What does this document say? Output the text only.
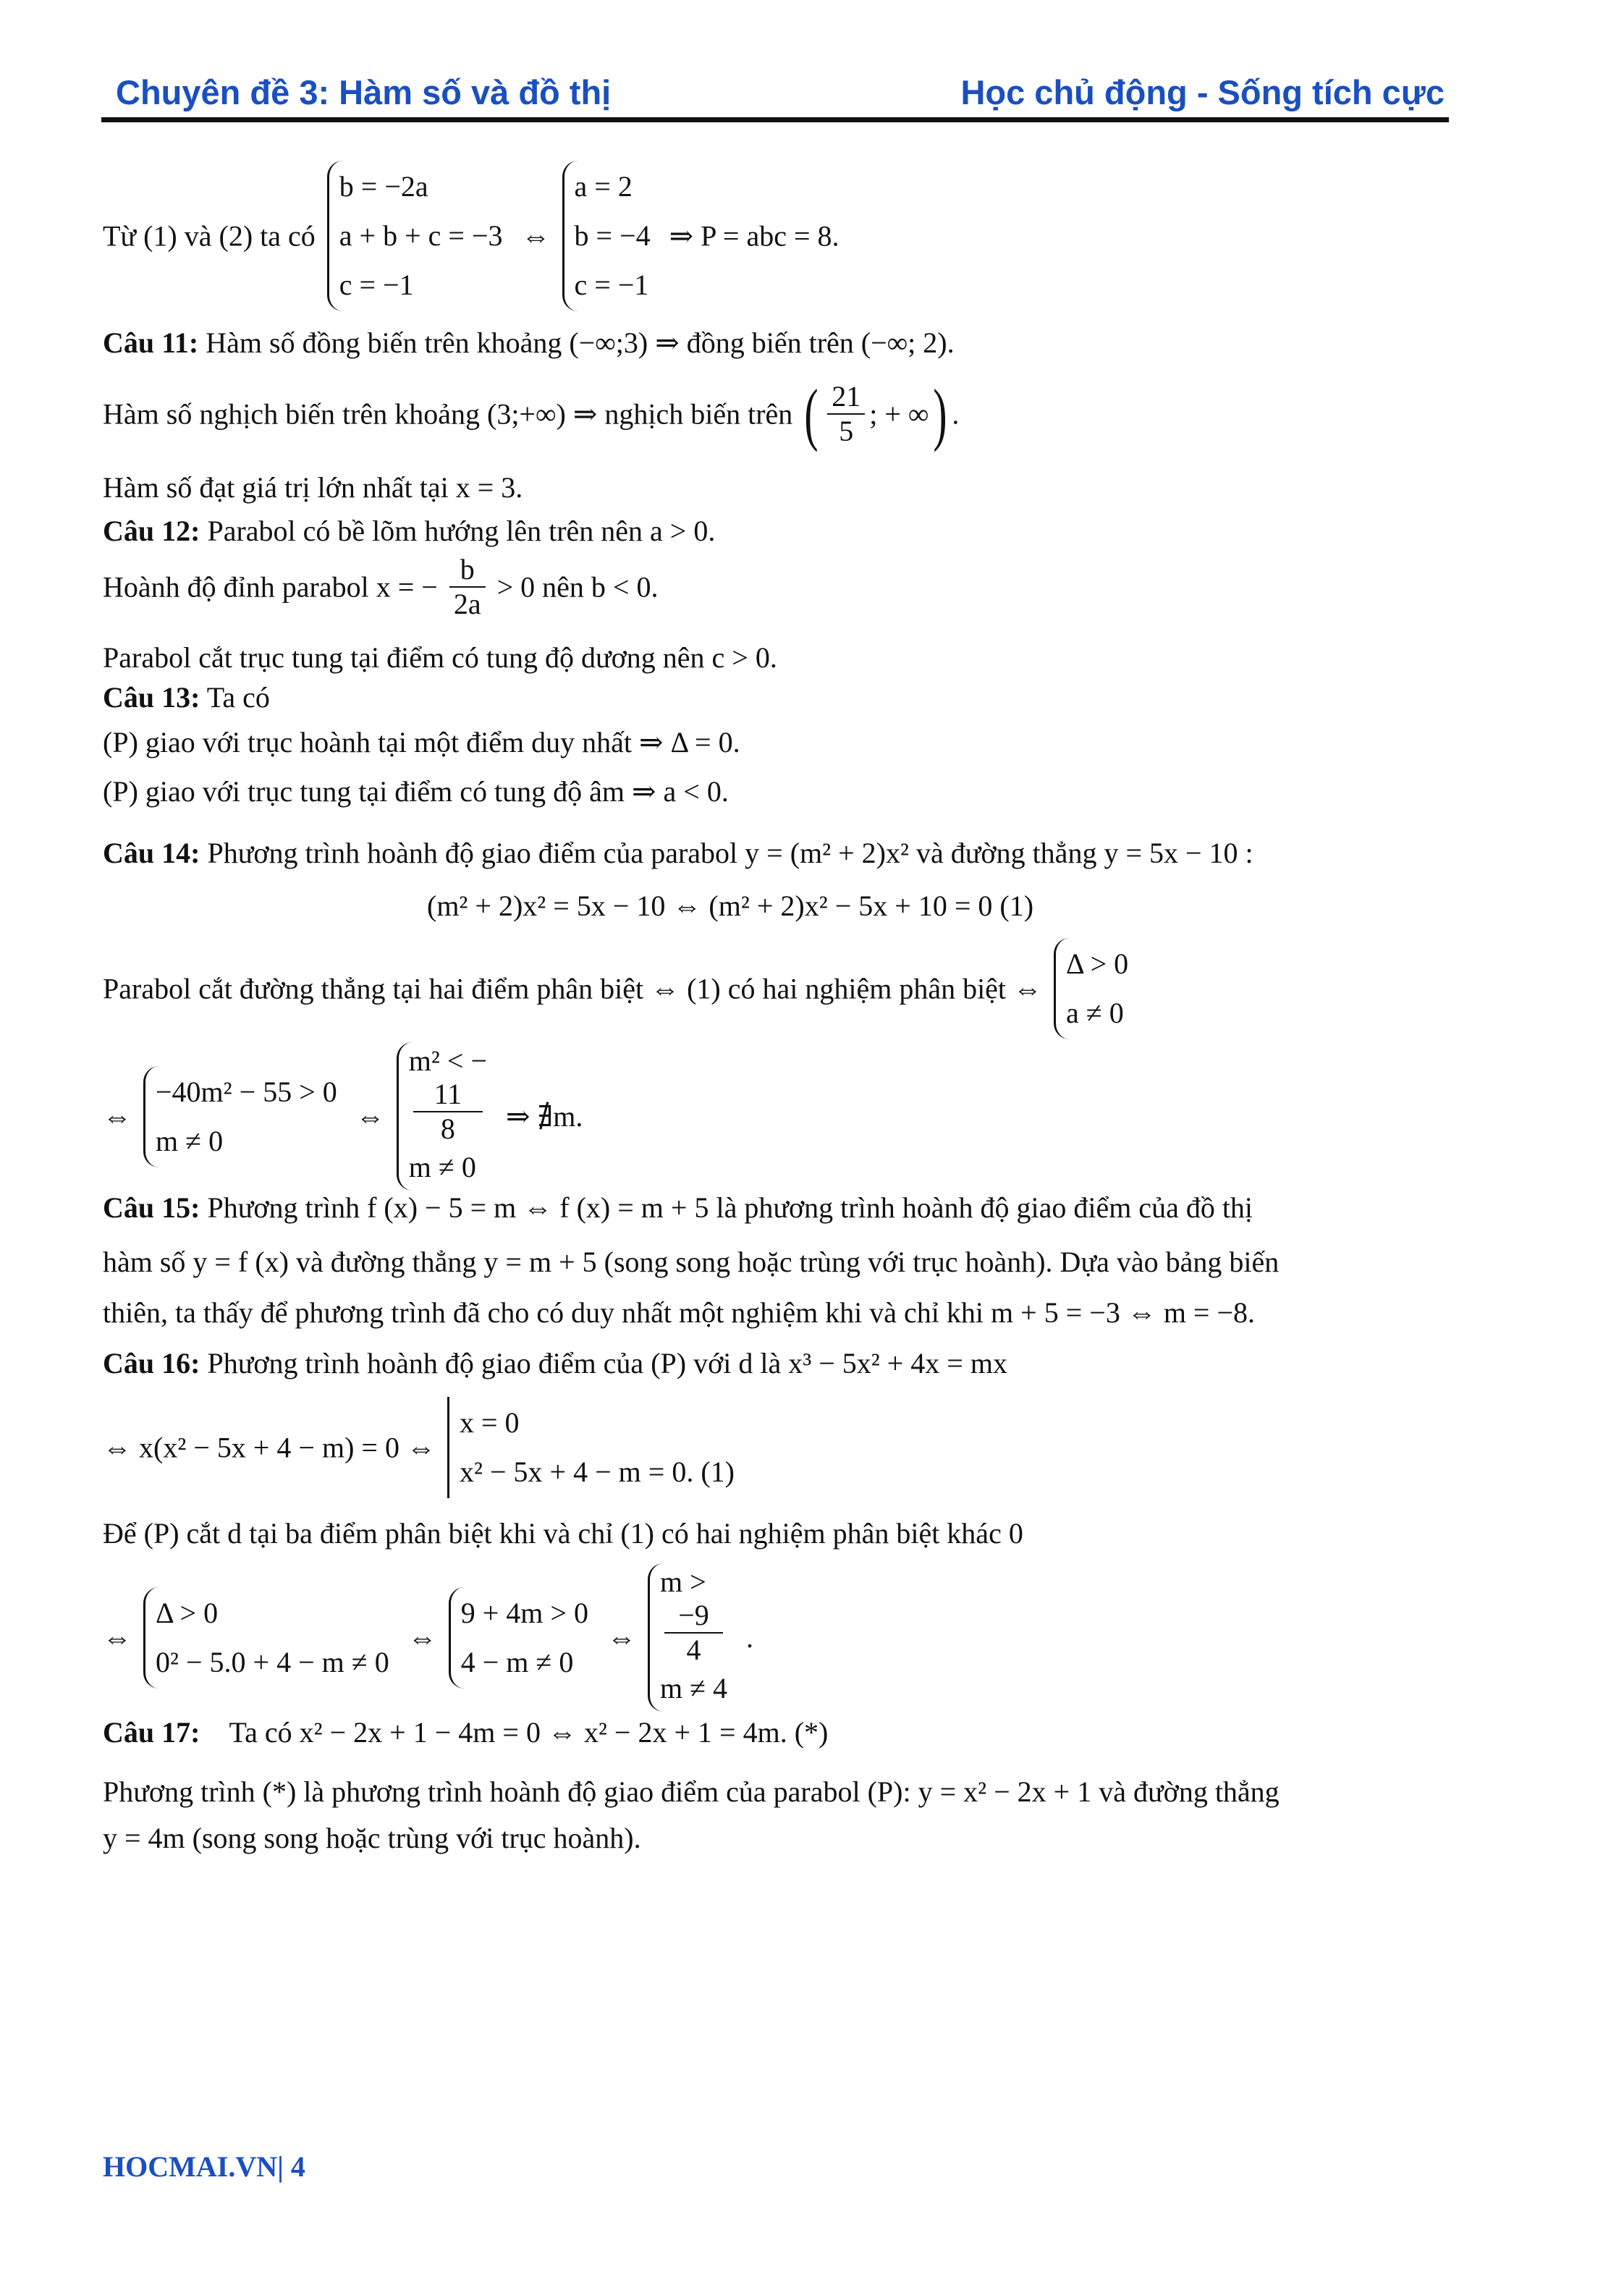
Chuyên đề 3: Hàm số và đồ thị	Học chủ động - Sống tích cực
Từ (1) và (2) ta có
b = −2a
a + b + c = −3
c = −1
⇔
a = 2
b = −4
c = −1
⇒ P = abc = 8.
Câu 11: Hàm số đồng biến trên khoảng (−∞;3) ⇒ đồng biến trên (−∞; 2).
Hàm số nghịch biến trên khoảng (3;+∞) ⇒ nghịch biến trên ( $\frac{21}{5}$ ; + ∞) .
Hàm số đạt giá trị lớn nhất tại x = 3.
Câu 12: Parabol có bề lõm hướng lên trên nên a > 0.
Hoành độ đỉnh parabol x = − $\frac{b}{2a} > 0$ nên b < 0.
Parabol cắt trục tung tại điểm có tung độ dương nên c > 0.
Câu 13: Ta có
(P) giao với trục hoành tại một điểm duy nhất ⇒ Δ = 0.
(P) giao với trục tung tại điểm có tung độ âm ⇒ a < 0.
Câu 14: Phương trình hoành độ giao điểm của parabol y = (m² + 2)x² và đường thẳng y = 5x − 10 :
(m² + 2)x² = 5x − 10 ⇔ (m² + 2)x² − 5x + 10 = 0 (1)
Parabol cắt đường thẳng tại hai điểm phân biệt ⇔ (1) có hai nghiệm phân biệt ⇔
Δ > 0
a ≠ 0
⇔
−40m² − 55 > 0
m ≠ 0
⇔
m² < −
11
8
m ≠ 0
⇒ ∄m.
Câu 15: Phương trình f (x) − 5 = m ⇔ f (x) = m + 5 là phương trình hoành độ giao điểm của đồ thị
hàm số y = f (x) và đường thẳng y = m + 5 (song song hoặc trùng với trục hoành). Dựa vào bảng biến
thiên, ta thấy để phương trình đã cho có duy nhất một nghiệm khi và chỉ khi m + 5 = −3 ⇔ m = −8.
Câu 16: Phương trình hoành độ giao điểm của (P) với d là x³ − 5x² + 4x = mx
⇔ x(x² − 5x + 4 − m) = 0 ⇔
x = 0
x² − 5x + 4 − m = 0. (1)
Để (P) cắt d tại ba điểm phân biệt khi và chỉ (1) có hai nghiệm phân biệt khác 0
⇔
Δ > 0
0² − 5.0 + 4 − m ≠ 0
⇔
9 + 4m > 0
4 − m ≠ 0
⇔
m >
−9
4
m ≠ 4
.
Câu 17: Ta có x² − 2x + 1 − 4m = 0 ⇔ x² − 2x + 1 = 4m. (*)
Phương trình (*) là phương trình hoành độ giao điểm của parabol (P): y = x² − 2x + 1 và đường thẳng
y = 4m (song song hoặc trùng với trục hoành).
HOCMAI.VN| 4
